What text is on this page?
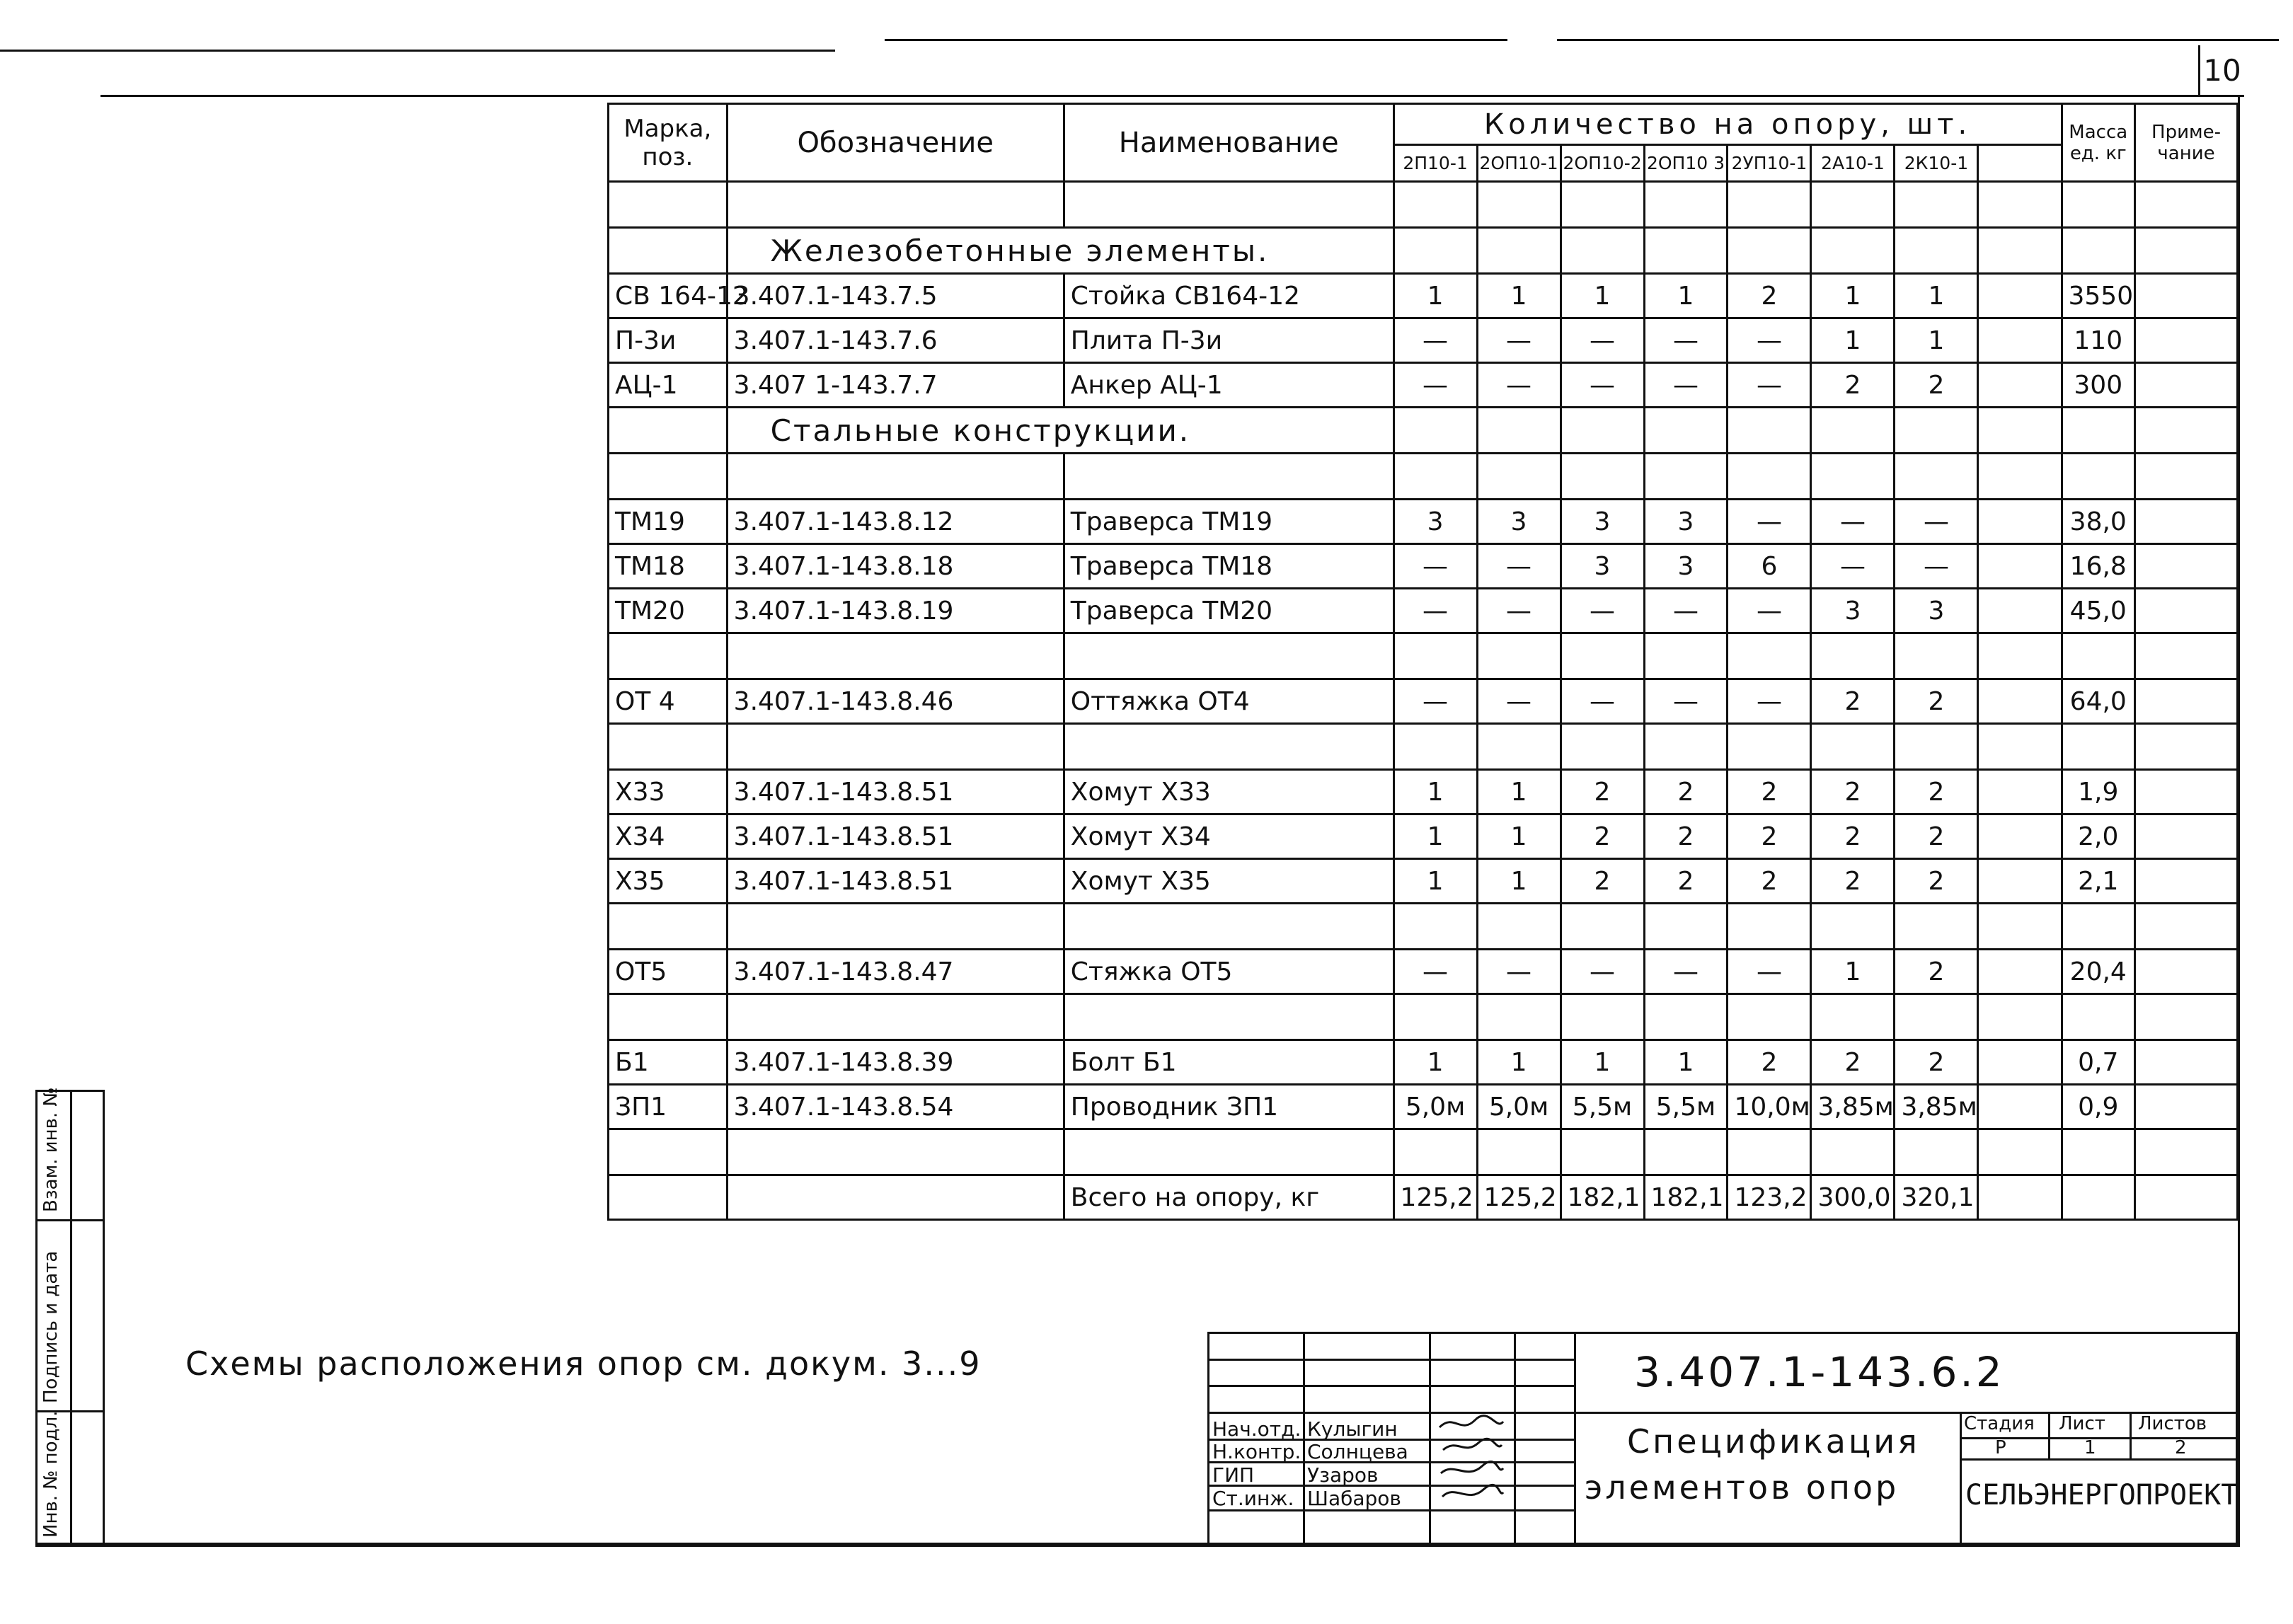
10
Марка, поз.	Обозначение	Наименование	Количество на опору, шт.								Масса ед. кг	Приме- чание
			2П10-1	2ОП10-1	2ОП10-2	2ОП10 3	2УП10-1	2А10-1	2К10-1			

	Железобетонные элементы.											
СВ 164-12	3.407.1-143.7.5	Стойка СВ164-12	1	1	1	1	2	1	1		3550	
П-3и	3.407.1-143.7.6	Плита П-3и	—	—	—	—	—	1	1		110	
АЦ-1	3.407 1-143.7.7	Анкер АЦ-1	—	—	—	—	—	2	2		300	
	Стальные конструкции.											

ТМ19	3.407.1-143.8.12	Траверса ТМ19	3	3	3	3	—	—	—		38,0	
ТМ18	3.407.1-143.8.18	Траверса ТМ18	—	—	3	3	6	—	—		16,8	
ТМ20	3.407.1-143.8.19	Траверса ТМ20	—	—	—	—	—	3	3		45,0	

ОТ 4	3.407.1-143.8.46	Оттяжка ОТ4	—	—	—	—	—	2	2		64,0	

Х33	3.407.1-143.8.51	Хомут Х33	1	1	2	2	2	2	2		1,9	
Х34	3.407.1-143.8.51	Хомут Х34	1	1	2	2	2	2	2		2,0	
Х35	3.407.1-143.8.51	Хомут Х35	1	1	2	2	2	2	2		2,1	

ОТ5	3.407.1-143.8.47	Стяжка ОТ5	—	—	—	—	—	1	2		20,4	

Б1	3.407.1-143.8.39	Болт Б1	1	1	1	1	2	2	2		0,7	
ЗП1	3.407.1-143.8.54	Проводник ЗП1	5,0м	5,0м	5,5м	5,5м	10,0м	3,85м	3,85м		0,9	

		Всего на опору, кг	125,2	125,2	182,1	182,1	123,2	300,0	320,1			
Схемы расположения опор см. докум. 3...9
Взам. инв. №
Подпись и дата
Инв. № подл.	Нач.отд. Кулыгин
Н.контр. Солнцева
ГИП	Узаров
Ст.инж. Шабаров
3.407.1-143.6.2
Спецификация
элементов опор
Стадия Лист Листов
Р	1	2
СЕЛЬЭНЕРГОПРОЕКТ
